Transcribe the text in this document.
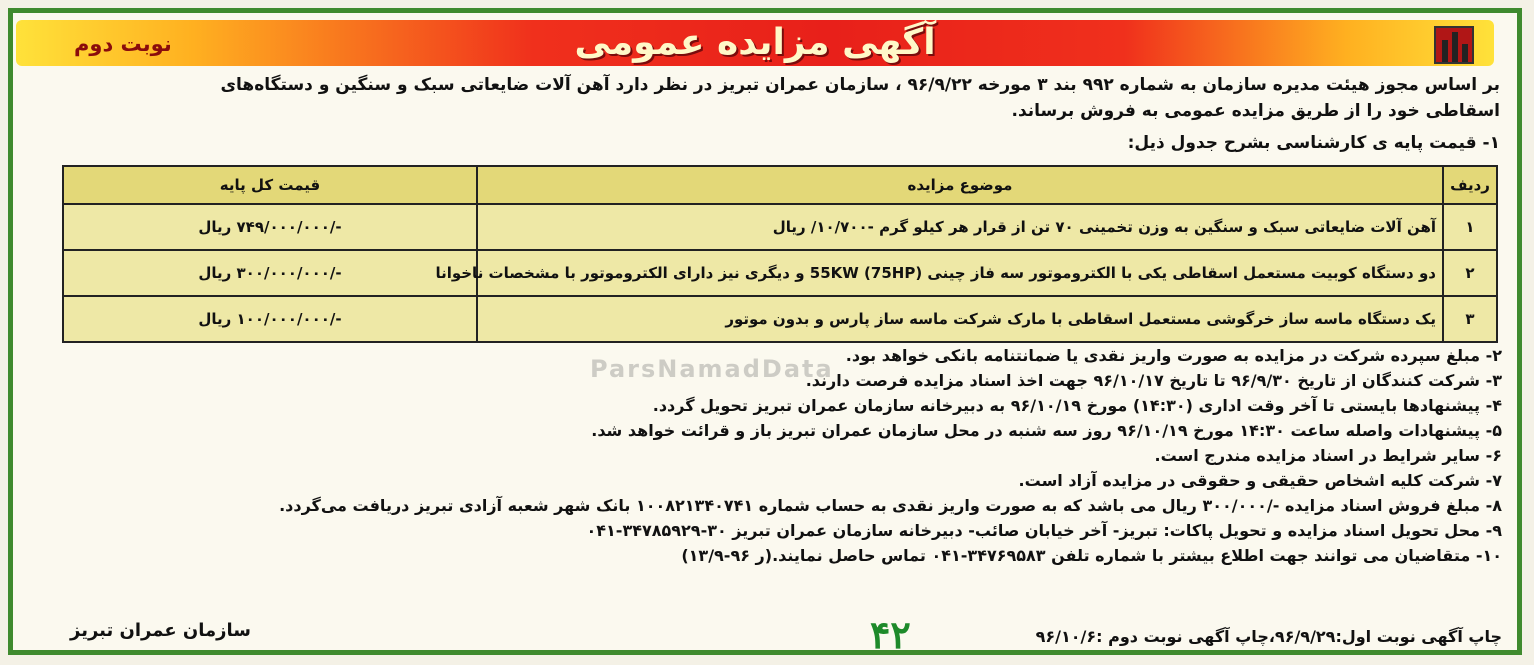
آگهی مزایده عمومی
نوبت دوم
بر اساس مجوز هیئت مدیره سازمان به شماره ۹۹۲ بند ۳ مورخه ۹۶/۹/۲۲ ، سازمان عمران تبریز در نظر دارد آهن آلات ضایعاتی سبک و سنگین و دستگاه‌های
اسقاطی خود را از طریق مزایده عمومی به فروش برساند.
۱- قیمت پایه ی کارشناسی بشرح جدول ذیل:
ردیف	موضوع مزایده	قیمت کل پایه
۱	آهن آلات ضایعاتی سبک و سنگین به وزن تخمینی ۷۰ تن از قرار هر کیلو گرم -۱۰/۷۰۰/ ریال	-/۷۴۹/۰۰۰/۰۰۰ ریال
۲	دو دستگاه کوبیت مستعمل اسقاطی یکی با الکتروموتور سه فاز چینی (75HP) 55KW و دیگری نیز دارای الکتروموتور با مشخصات ناخوانا	-/۳۰۰/۰۰۰/۰۰۰ ریال
۳	یک دستگاه ماسه ساز خرگوشی مستعمل اسقاطی با مارک شرکت ماسه ساز پارس و بدون موتور	-/۱۰۰/۰۰۰/۰۰۰ ریال
ParsNamadData ۲- مبلغ سپرده شرکت در مزایده به صورت واریز نقدی یا ضمانتنامه بانکی خواهد بود.
۳- شرکت کنندگان از تاریخ ۹۶/۹/۳۰ تا تاریخ ۹۶/۱۰/۱۷ جهت اخذ اسناد مزایده فرصت دارند.
۴- پیشنهادها بایستی تا آخر وقت اداری (۱۴:۳۰) مورخ ۹۶/۱۰/۱۹ به دبیرخانه سازمان عمران تبریز تحویل گردد.
۵- پیشنهادات واصله ساعت ۱۴:۳۰ مورخ ۹۶/۱۰/۱۹ روز سه شنبه در محل سازمان عمران تبریز باز و قرائت خواهد شد.
۶- سایر شرایط در اسناد مزایده مندرج است.
۷- شرکت کلیه اشخاص حقیقی و حقوقی در مزایده آزاد است.
۸- مبلغ فروش اسناد مزایده -/۳۰۰/۰۰۰ ریال می باشد که به صورت واریز نقدی به حساب شماره ۱۰۰۸۲۱۳۴۰۷۴۱ بانک شهر شعبه آزادی تبریز دریافت می‌گردد.
۹- محل تحویل اسناد مزایده و تحویل پاکات: تبریز- آخر خیابان صائب- دبیرخانه سازمان عمران تبریز ۳۰-۳۴۷۸۵۹۲۹-۰۴۱
۱۰- متقاضیان می توانند جهت اطلاع بیشتر با شماره تلفن ۳۴۷۶۹۵۸۳-۰۴۱ تماس حاصل نمایند.(ر ۹۶-۱۳/۹)
چاپ آگهی نوبت اول:۹۶/۹/۲۹،چاپ آگهی نوبت دوم :۹۶/۱۰/۶
سازمان عمران تبریز	۴۲
